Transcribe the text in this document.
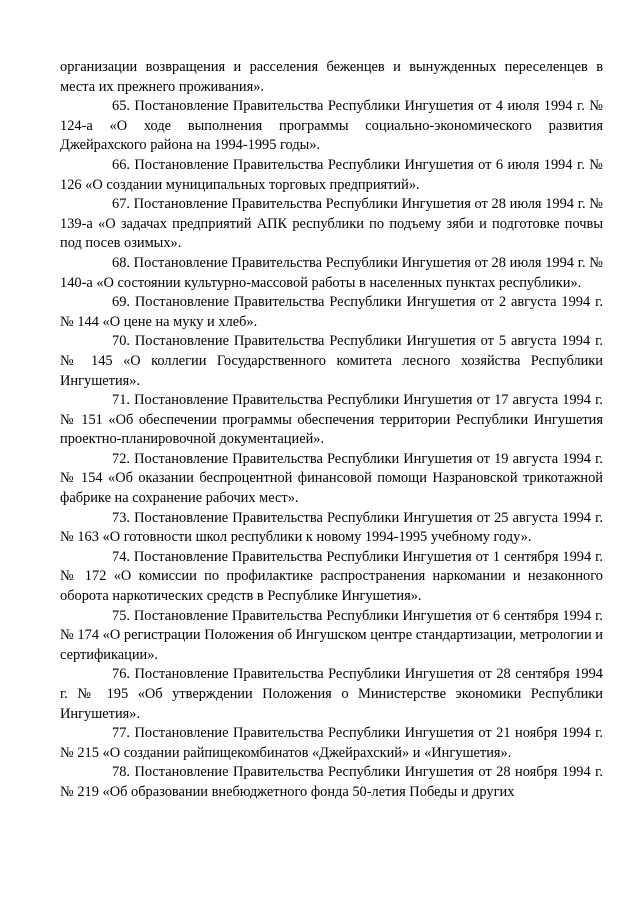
организации возвращения и расселения беженцев и вынужденных переселенцев в места их прежнего проживания».

65. Постановление Правительства Республики Ингушетия от 4 июля 1994 г. № 124-а «О ходе выполнения программы социально-экономического развития Джейрахского района на 1994-1995 годы».

66. Постановление Правительства Республики Ингушетия от 6 июля 1994 г. № 126 «О создании муниципальных торговых предприятий».

67. Постановление Правительства Республики Ингушетия от 28 июля 1994 г. № 139-а «О задачах предприятий АПК республики по подъему зяби и подготовке почвы под посев озимых».

68. Постановление Правительства Республики Ингушетия от 28 июля 1994 г. № 140-а «О состоянии культурно-массовой работы в населенных пунктах республики».

69. Постановление Правительства Республики Ингушетия от 2 августа 1994 г. № 144 «О цене на муку и хлеб».

70. Постановление Правительства Республики Ингушетия от 5 августа 1994 г. № 145 «О коллегии Государственного комитета лесного хозяйства Республики Ингушетия».

71. Постановление Правительства Республики Ингушетия от 17 августа 1994 г. № 151 «Об обеспечении программы обеспечения территории Республики Ингушетия проектно-планировочной документацией».

72. Постановление Правительства Республики Ингушетия от 19 августа 1994 г. № 154 «Об оказании беспроцентной финансовой помощи Назрановской трикотажной фабрике на сохранение рабочих мест».

73. Постановление Правительства Республики Ингушетия от 25 августа 1994 г. № 163 «О готовности школ республики к новому 1994-1995 учебному году».

74. Постановление Правительства Республики Ингушетия от 1 сентября 1994 г. № 172 «О комиссии по профилактике распространения наркомании и незаконного оборота наркотических средств в Республике Ингушетия».

75. Постановление Правительства Республики Ингушетия от 6 сентября 1994 г. № 174 «О регистрации Положения об Ингушском центре стандартизации, метрологии и сертификации».

76. Постановление Правительства Республики Ингушетия от 28 сентября 1994 г. № 195 «Об утверждении Положения о Министерстве экономики Республики Ингушетия».

77. Постановление Правительства Республики Ингушетия от 21 ноября 1994 г. № 215 «О создании райпищекомбинатов «Джейрахский» и «Ингушетия».

78. Постановление Правительства Республики Ингушетия от 28 ноября 1994 г. № 219 «Об образовании внебюджетного фонда 50-летия Победы и других
